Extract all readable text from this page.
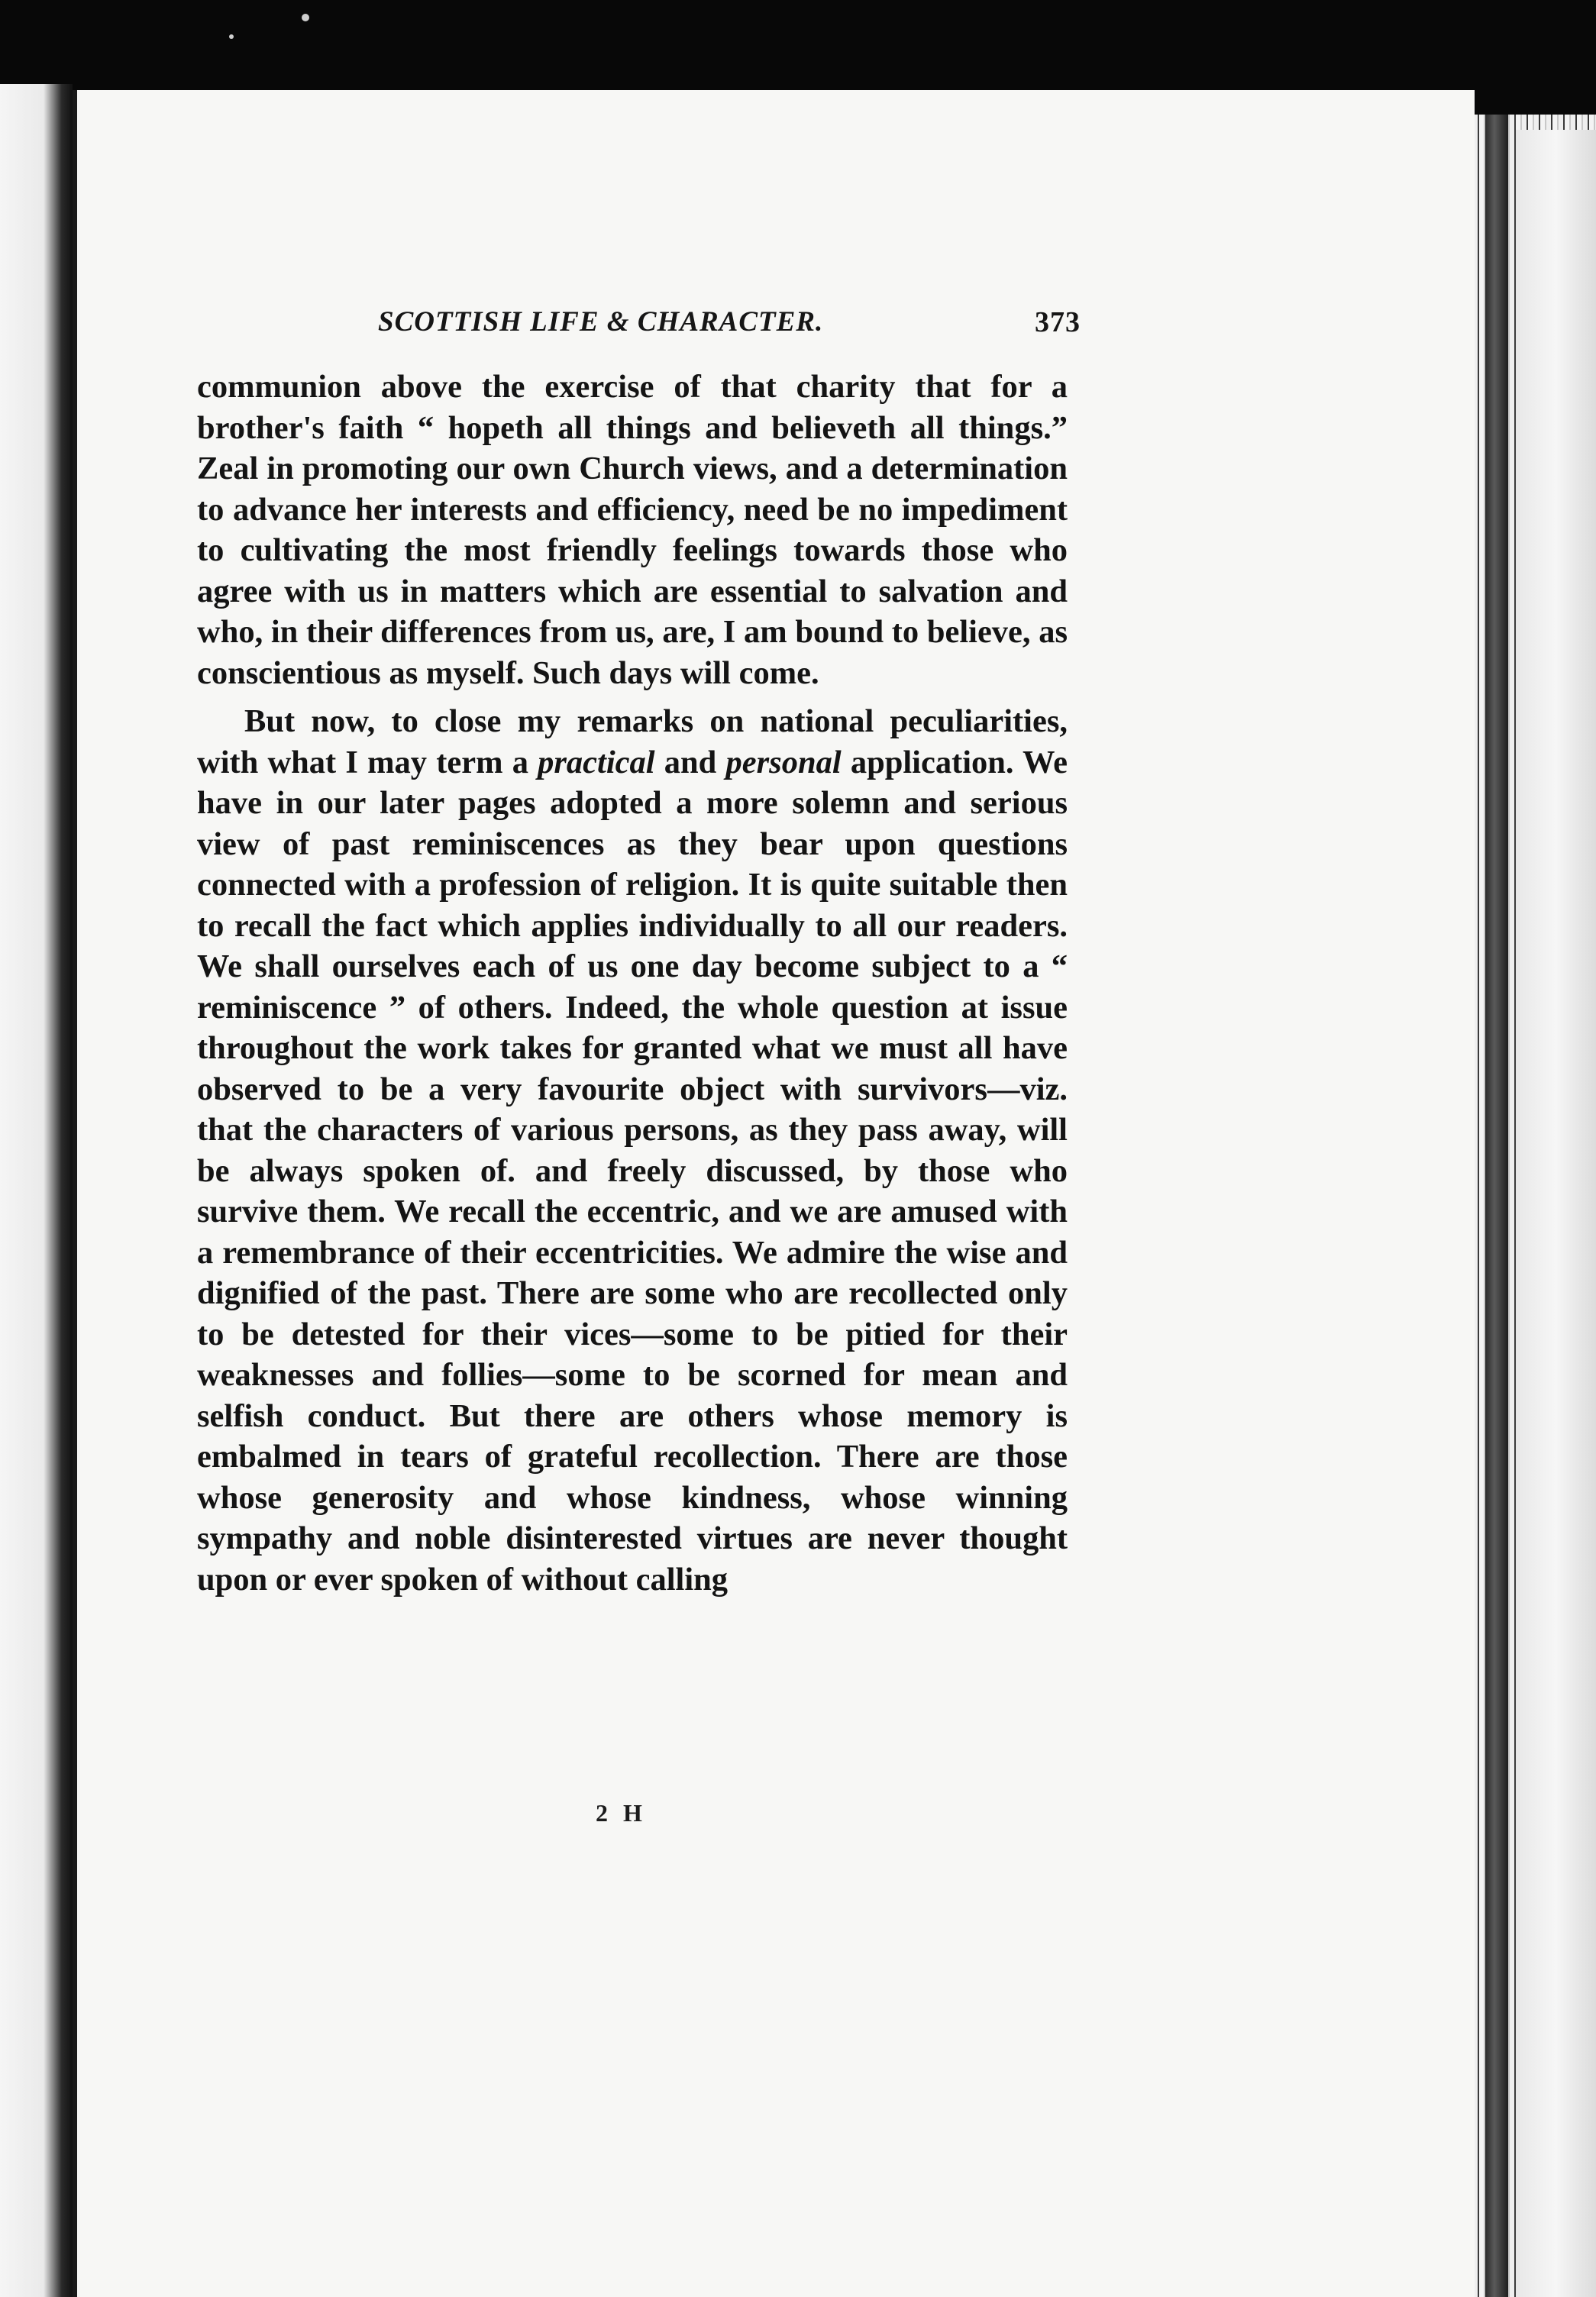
SCOTTISH LIFE & CHARACTER.	373

communion above the exercise of that charity that for a brother's faith “ hopeth all things and believeth all things.” Zeal in promoting our own Church views, and a determination to advance her interests and efficiency, need be no impediment to cultivating the most friendly feelings towards those who agree with us in matters which are essential to salvation and who, in their differences from us, are, I am bound to believe, as conscientious as myself. Such days will come.

But now, to close my remarks on national peculiarities, with what I may term a practical and personal application. We have in our later pages adopted a more solemn and serious view of past reminiscences as they bear upon questions connected with a profession of religion. It is quite suitable then to recall the fact which applies individually to all our readers. We shall ourselves each of us one day become subject to a “ reminiscence ” of others. Indeed, the whole question at issue throughout the work takes for granted what we must all have observed to be a very favourite object with survivors—viz. that the characters of various persons, as they pass away, will be always spoken of. and freely discussed, by those who survive them. We recall the eccentric, and we are amused with a remembrance of their eccentricities. We admire the wise and dignified of the past. There are some who are recollected only to be detested for their vices—some to be pitied for their weaknesses and follies—some to be scorned for mean and selfish conduct. But there are others whose memory is embalmed in tears of grateful recollection. There are those whose generosity and whose kindness, whose winning sympathy and noble disinterested virtues are never thought upon or ever spoken of without calling

2 H
